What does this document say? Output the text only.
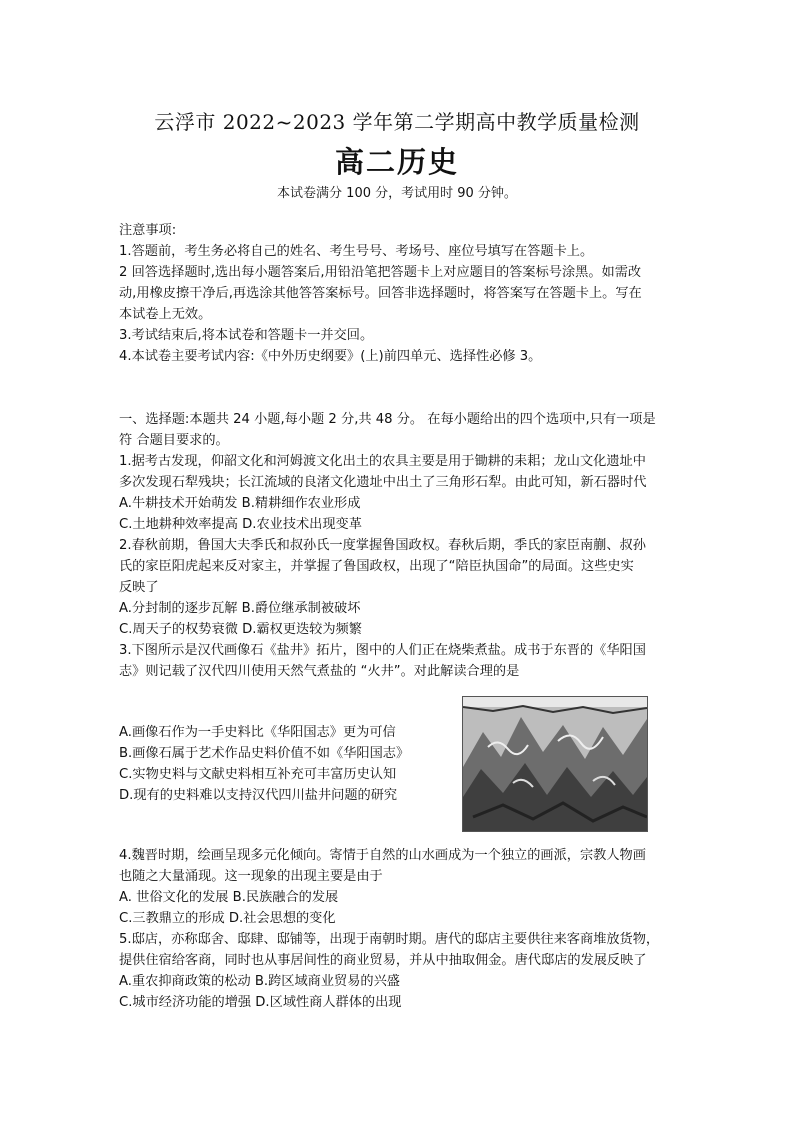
云浮市 2022~2023 学年第二学期高中教学质量检测
高二历史
本试卷满分 100 分，考试用时 90 分钟。
注意事项:
1.答题前，考生务必将自己的姓名、考生号号、考场号、座位号填写在答题卡上。
2 回答选择题时,选出每小题答案后,用铅沿笔把答题卡上对应题目的答案标号涂黑。如需改
动,用橡皮擦干净后,再选涂其他答答案标号。回答非选择题时，将答案写在答题卡上。写在
本试卷上无效。
3.考试结束后,将本试卷和答题卡一并交回。
4.本试卷主要考试内容:《中外历史纲要》(上)前四单元、选择性必修 3。
一、选择题:本题共 24 小题,每小题 2 分,共 48 分。 在每小题给出的四个选项中,只有一项是
符 合题目要求的。
1.据考古发现，仰韶文化和河姆渡文化出土的农具主要是用于锄耕的耒耜；龙山文化遗址中
多次发现石犁残块；长江流域的良渚文化遗址中出土了三角形石犁。由此可知，新石器时代
A.牛耕技术开始萌发 B.精耕细作农业形成
C.土地耕种效率提高 D.农业技术出现变革
2.春秋前期，鲁国大夫季氏和叔孙氏一度掌握鲁国政权。春秋后期，季氏的家臣南蒯、叔孙
氏的家臣阳虎起来反对家主，并掌握了鲁国政权，出现了“陪臣执国命”的局面。这些史实
反映了
A.分封制的逐步瓦解 B.爵位继承制被破坏
C.周天子的权势衰微 D.霸权更迭较为频繁
3.下图所示是汉代画像石《盐井》拓片，图中的人们正在烧柴煮盐。成书于东晋的《华阳国
志》则记载了汉代四川使用天然气煮盐的 “火井”。对此解读合理的是
A.画像石作为一手史料比《华阳国志》更为可信
B.画像石属于艺术作品史料价值不如《华阳国志》
C.实物史料与文献史料相互补充可丰富历史认知
D.现有的史料难以支持汉代四川盐井问题的研究
4.魏晋时期，绘画呈现多元化倾向。寄情于自然的山水画成为一个独立的画派，宗教人物画
也随之大量涌现。这一现象的出现主要是由于
A. 世俗文化的发展 B.民族融合的发展
C.三教鼎立的形成 D.社会思想的变化
5.邸店，亦称邸舍、邸肆、邸铺等，出现于南朝时期。唐代的邸店主要供往来客商堆放货物，
提供住宿给客商，同时也从事居间性的商业贸易，并从中抽取佣金。唐代邸店的发展反映了
A.重农抑商政策的松动 B.跨区域商业贸易的兴盛
C.城市经济功能的增强 D.区域性商人群体的出现
